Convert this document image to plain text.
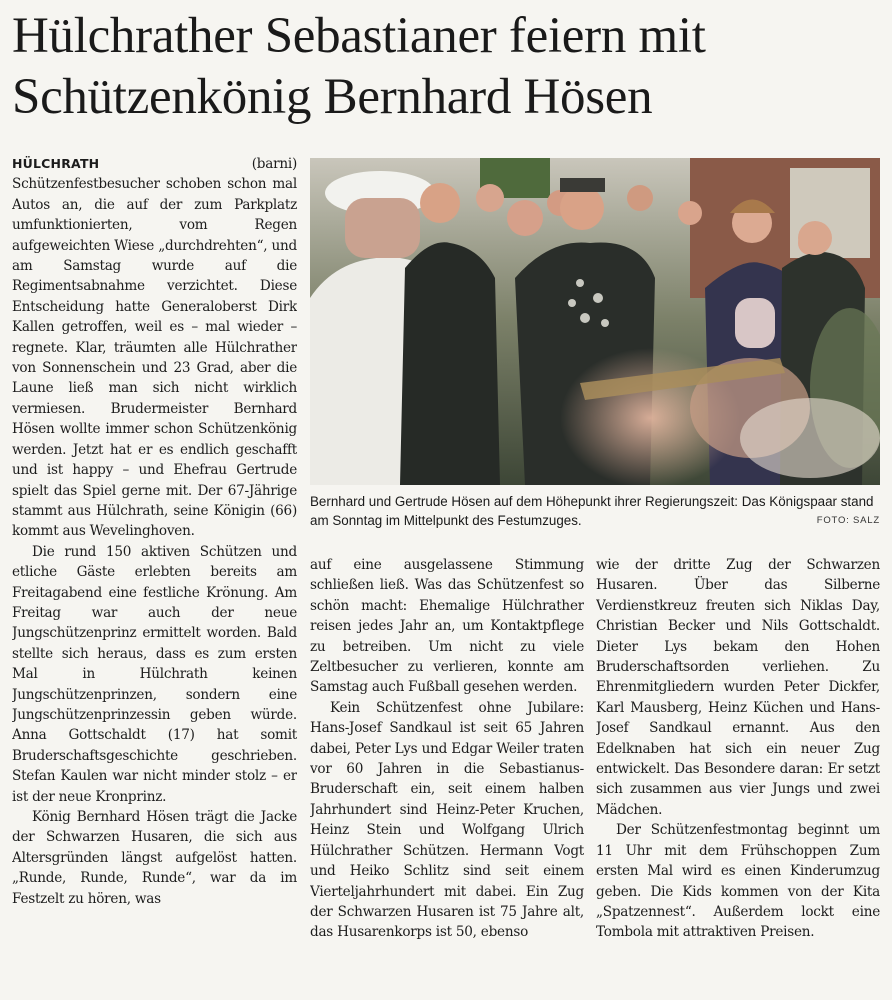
Hülchrather Sebastianer feiern mit
Schützenkönig Bernhard Hösen

HÜLCHRATH (barni) Schützenfestbesucher schoben schon mal Autos an, die auf der zum Parkplatz umfunktionierten, vom Regen aufgeweichten Wiese „durchdrehten“, und am Samstag wurde auf die Regimentsabnahme verzichtet. Diese Entscheidung hatte Generaloberst Dirk Kallen getroffen, weil es – mal wieder – regnete. Klar, träumten alle Hülchrather von Sonnenschein und 23 Grad, aber die Laune ließ man sich nicht wirklich vermiesen. Brudermeister Bernhard Hösen wollte immer schon Schützenkönig werden. Jetzt hat er es endlich geschafft und ist happy – und Ehefrau Gertrude spielt das Spiel gerne mit. Der 67-Jährige stammt aus Hülchrath, seine Königin (66) kommt aus Wevelinghoven.

Die rund 150 aktiven Schützen und etliche Gäste erlebten bereits am Freitagabend eine festliche Krönung. Am Freitag war auch der neue Jungschützenprinz ermittelt worden. Bald stellte sich heraus, dass es zum ersten Mal in Hülchrath keinen Jungschützenprinzen, sondern eine Jungschützenprinzessin geben würde. Anna Gottschaldt (17) hat somit Bruderschaftsgeschichte geschrieben. Stefan Kaulen war nicht minder stolz – er ist der neue Kronprinz.

König Bernhard Hösen trägt die Jacke der Schwarzen Husaren, die sich aus Altersgründen längst aufgelöst hatten. „Runde, Runde, Runde“, war da im Festzelt zu hören, was

Bernhard und Gertrude Hösen auf dem Höhepunkt ihrer Regierungszeit: Das Königspaar stand am Sonntag im Mittelpunkt des Festumzuges.	FOTO: SALZ

auf eine ausgelassene Stimmung schließen ließ. Was das Schützenfest so schön macht: Ehemalige Hülchrather reisen jedes Jahr an, um Kontaktpflege zu betreiben. Um nicht zu viele Zeltbesucher zu verlieren, konnte am Samstag auch Fußball gesehen werden.

Kein Schützenfest ohne Jubilare: Hans-Josef Sandkaul ist seit 65 Jahren dabei, Peter Lys und Edgar Weiler traten vor 60 Jahren in die Sebastianus-Bruderschaft ein, seit einem halben Jahrhundert sind Heinz-Peter Kruchen, Heinz Stein und Wolfgang Ulrich Hülchrather Schützen. Hermann Vogt und Heiko Schlitz sind seit einem Vierteljahrhundert mit dabei. Ein Zug der Schwarzen Husaren ist 75 Jahre alt, das Husarenkorps ist 50, ebenso

wie der dritte Zug der Schwarzen Husaren. Über das Silberne Verdienstkreuz freuten sich Niklas Day, Christian Becker und Nils Gottschaldt. Dieter Lys bekam den Hohen Bruderschaftsorden verliehen. Zu Ehrenmitgliedern wurden Peter Dickfer, Karl Mausberg, Heinz Küchen und Hans-Josef Sandkaul ernannt. Aus den Edelknaben hat sich ein neuer Zug entwickelt. Das Besondere daran: Er setzt sich zusammen aus vier Jungs und zwei Mädchen.

Der Schützenfestmontag beginnt um 11 Uhr mit dem Frühschoppen Zum ersten Mal wird es einen Kinderumzug geben. Die Kids kommen von der Kita „Spatzennest“. Außerdem lockt eine Tombola mit attraktiven Preisen.
